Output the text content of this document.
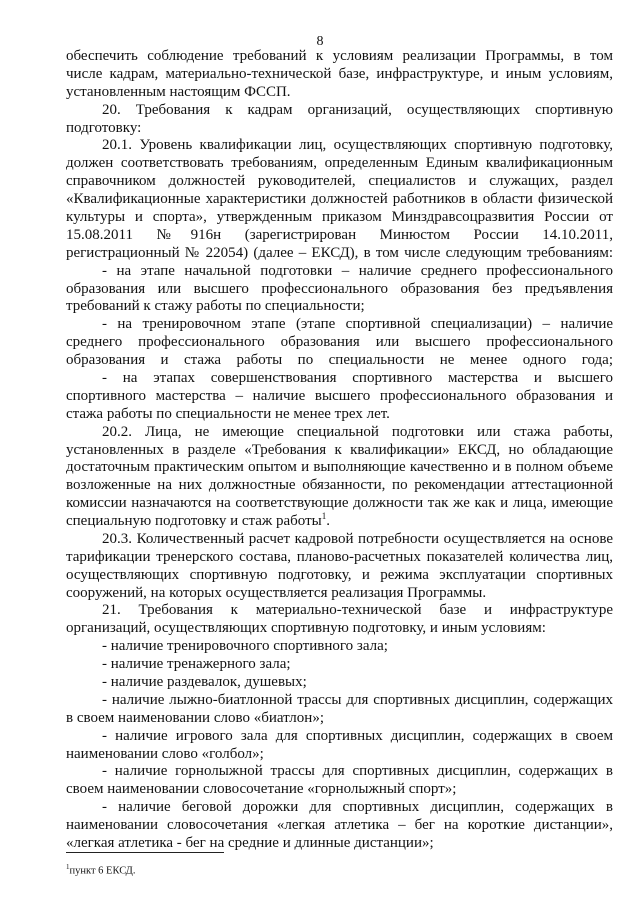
8
обеспечить соблюдение требований к условиям реализации Программы, в том
числе кадрам, материально-технической базе, инфраструктуре, и иным условиям,
установленным настоящим ФССП.
20. Требования к кадрам организаций, осуществляющих спортивную
подготовку:
20.1. Уровень квалификации лиц, осуществляющих спортивную подготовку,
должен соответствовать требованиям, определенным Единым квалификационным
справочником должностей руководителей, специалистов и служащих, раздел
«Квалификационные характеристики должностей работников в области физической
культуры и спорта», утвержденным приказом Минздравсоцразвития России от
15.08.2011 №916н (зарегистрирован Минюстом России 14.10.2011,
регистрационный № 22054) (далее – ЕКСД), в том числе следующим требованиям:
- на этапе начальной подготовки – наличие среднего профессионального
образования или высшего профессионального образования без предъявления
требований к стажу работы по специальности;
- на тренировочном этапе (этапе спортивной специализации) – наличие
среднего профессионального образования или высшего профессионального
образования и стажа работы по специальности не менее одного года;
- на этапах совершенствования спортивного мастерства и высшего
спортивного мастерства – наличие высшего профессионального образования и
стажа работы по специальности не менее трех лет.
20.2. Лица, не имеющие специальной подготовки или стажа работы,
установленных в разделе «Требования к квалификации» ЕКСД, но обладающие
достаточным практическим опытом и выполняющие качественно и в полном объеме
возложенные на них должностные обязанности, по рекомендации аттестационной
комиссии назначаются на соответствующие должности так же как и лица, имеющие
специальную подготовку и стаж работы$^1$.
20.3. Количественный расчет кадровой потребности осуществляется на основе
тарификации тренерского состава, планово-расчетных показателей количества лиц,
осуществляющих спортивную подготовку, и режима эксплуатации спортивных
сооружений, на которых осуществляется реализация Программы.
21. Требования к материально-технической базе и инфраструктуре
организаций, осуществляющих спортивную подготовку, и иным условиям:
- наличие тренировочного спортивного зала;
- наличие тренажерного зала;
- наличие раздевалок, душевых;
- наличие лыжно-биатлонной трассы для спортивных дисциплин, содержащих
в своем наименовании слово «биатлон»;
- наличие игрового зала для спортивных дисциплин, содержащих в своем
наименовании слово «голбол»;
- наличие горнолыжной трассы для спортивных дисциплин, содержащих в
своем наименовании словосочетание «горнолыжный спорт»;
- наличие беговой дорожки для спортивных дисциплин, содержащих в
наименовании словосочетания «легкая атлетика – бег на короткие дистанции»,
«легкая атлетика - бег на средние и длинные дистанции»;
$^1$пункт 6 ЕКСД.
